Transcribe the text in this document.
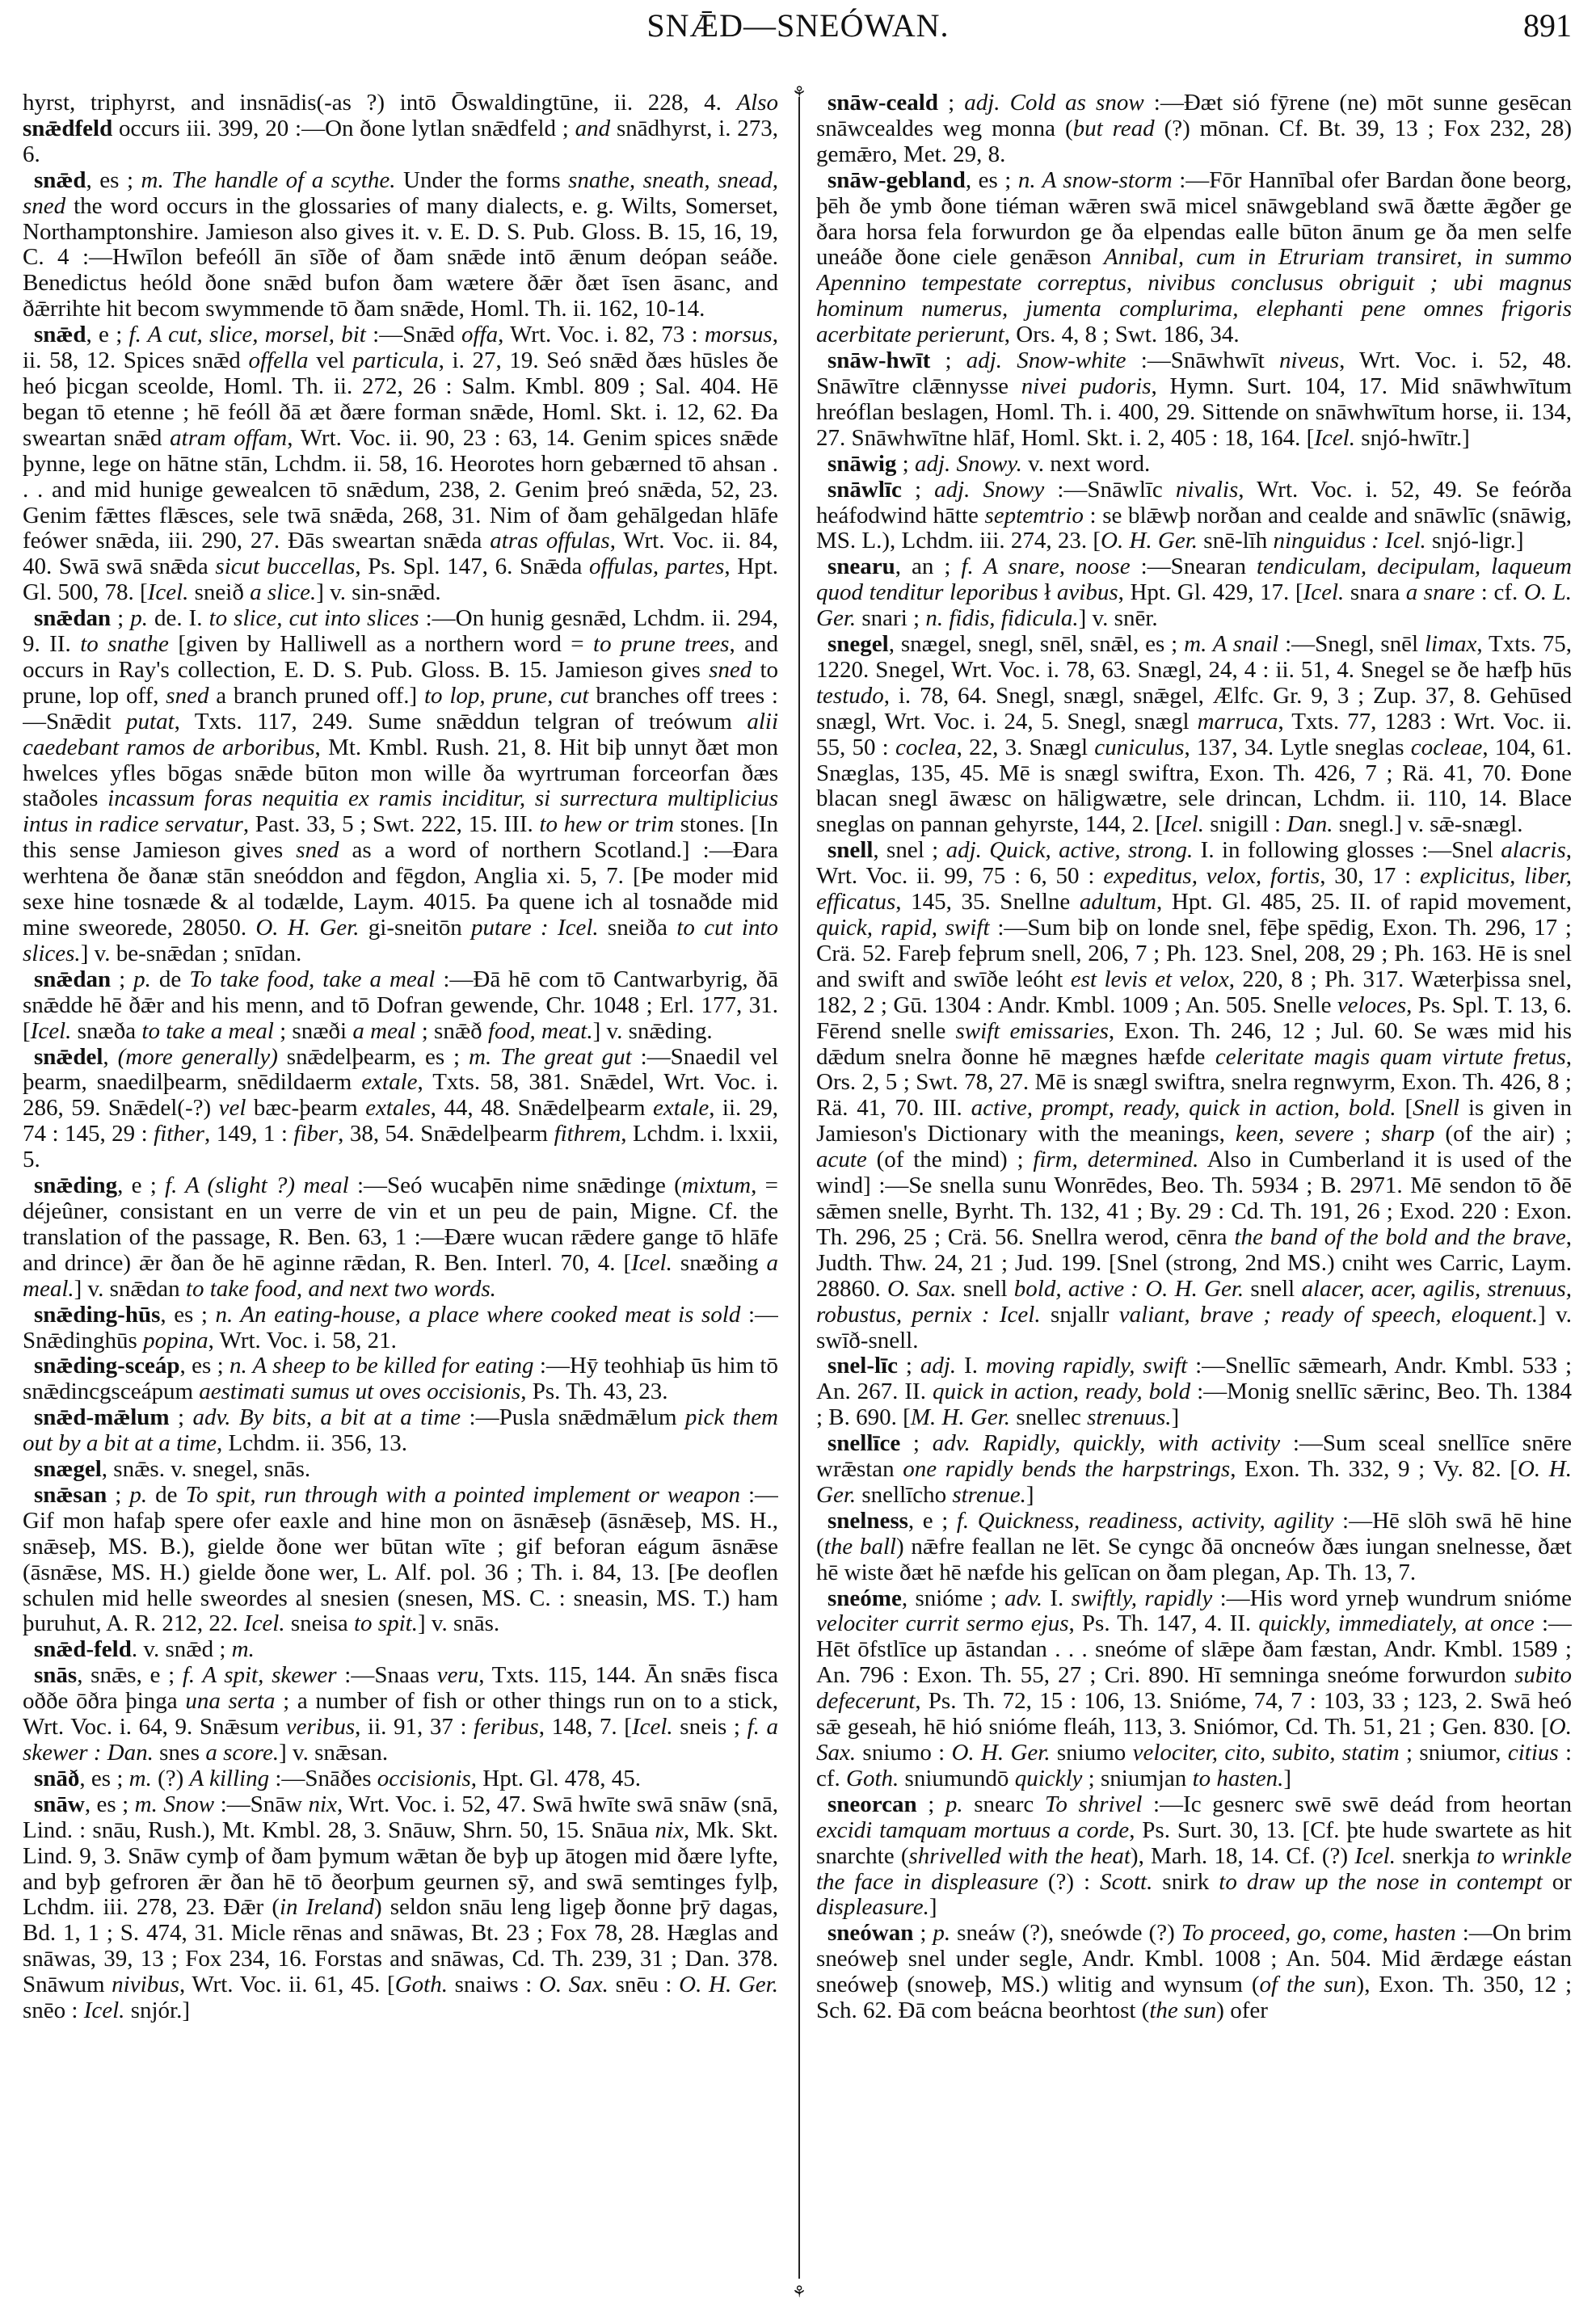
SNǢD—SNEÓWAN.	891

hyrst, triphyrst, and insnādis(-as ?) intō Ōswaldingtūne, ii. 228, 4. Also snǣdfeld occurs iii. 399, 20 :—On ðone lytlan snǣdfeld ; and snādhyrst, i. 273, 6.

snǣd, es ; m. The handle of a scythe. Under the forms snathe, sneath, snead, sned the word occurs in the glossaries of many dialects, e. g. Wilts, Somerset, Northamptonshire. Jamieson also gives it. v. E. D. S. Pub. Gloss. B. 15, 16, 19, C. 4 :—Hwīlon befeóll ān sīðe of ðam snǣde intō ǣnum deópan seáðe. Benedictus heóld ðone snǣd bufon ðam wætere ðǣr ðæt īsen āsanc, and ðǣrrihte hit becom swymmende tō ðam snǣde, Homl. Th. ii. 162, 10-14.

snǣd, e ; f. A cut, slice, morsel, bit :—Snǣd offa, Wrt. Voc. i. 82, 73 : morsus, ii. 58, 12. Spices snǣd offella vel particula, i. 27, 19. Seó snǣd ðæs hūsles ðe heó þicgan sceolde, Homl. Th. ii. 272, 26 : Salm. Kmbl. 809 ; Sal. 404. Hē began tō etenne ; hē feóll ðā æt ðære forman snǣde, Homl. Skt. i. 12, 62. Ða sweartan snǣd atram offam, Wrt. Voc. ii. 90, 23 : 63, 14. Genim spices snǣde þynne, lege on hātne stān, Lchdm. ii. 58, 16. Heorotes horn gebærned tō ahsan . . . and mid hunige gewealcen tō snǣdum, 238, 2. Genim þreó snǣda, 52, 23. Genim fǣttes flǣsces, sele twā snǣda, 268, 31. Nim of ðam gehālgedan hlāfe feówer snǣda, iii. 290, 27. Ðās sweartan snǣda atras offulas, Wrt. Voc. ii. 84, 40. Swā swā snǣda sicut buccellas, Ps. Spl. 147, 6. Snǣda offulas, partes, Hpt. Gl. 500, 78. [Icel. sneið a slice.] v. sin-snǣd.

snǣdan ; p. de. I. to slice, cut into slices :—On hunig gesnǣd, Lchdm. ii. 294, 9. II. to snathe [given by Halliwell as a northern word = to prune trees, and occurs in Ray's collection, E. D. S. Pub. Gloss. B. 15. Jamieson gives sned to prune, lop off, sned a branch pruned off.] to lop, prune, cut branches off trees :—Snǣdit putat, Txts. 117, 249. Sume snǣddun telgran of treówum alii caedebant ramos de arboribus, Mt. Kmbl. Rush. 21, 8. Hit biþ unnyt ðæt mon hwelces yfles bōgas snǣde būton mon wille ða wyrtruman forceorfan ðæs staðoles incassum foras nequitia ex ramis inciditur, si surrectura multiplicius intus in radice servatur, Past. 33, 5 ; Swt. 222, 15. III. to hew or trim stones. [In this sense Jamieson gives sned as a word of northern Scotland.] :—Ðara werhtena ðe ðanæ stān sneóddon and fēgdon, Anglia xi. 5, 7. [Þe moder mid sexe hine tosnæde & al todælde, Laym. 4015. Þa quene ich al tosnaðde mid mine sweorede, 28050. O. H. Ger. gi-sneitōn putare : Icel. sneiða to cut into slices.] v. be-snǣdan ; snīdan.

snǣdan ; p. de To take food, take a meal :—Ðā hē com tō Cantwarbyrig, ðā snǣdde hē ðǣr and his menn, and tō Dofran gewende, Chr. 1048 ; Erl. 177, 31. [Icel. snæða to take a meal ; snæði a meal ; snǣð food, meat.] v. snǣding.

snǣdel, (more generally) snǣdelþearm, es ; m. The great gut :—Snaedil vel þearm, snaedilþearm, snēdildaerm extale, Txts. 58, 381. Snǣdel, Wrt. Voc. i. 286, 59. Snǣdel(-?) vel bæc-þearm extales, 44, 48. Snǣdelþearm extale, ii. 29, 74 : 145, 29 : fither, 149, 1 : fiber, 38, 54. Snǣdelþearm fithrem, Lchdm. i. lxxii, 5.

snǣding, e ; f. A (slight ?) meal :—Seó wucaþēn nime snǣdinge (mixtum, = déjeûner, consistant en un verre de vin et un peu de pain, Migne. Cf. the translation of the passage, R. Ben. 63, 1 :—Ðære wucan rǣdere gange tō hlāfe and drince) ǣr ðan ðe hē aginne rǣdan, R. Ben. Interl. 70, 4. [Icel. snæðing a meal.] v. snǣdan to take food, and next two words.

snǣding-hūs, es ; n. An eating-house, a place where cooked meat is sold :—Snǣdinghūs popina, Wrt. Voc. i. 58, 21.

snǣding-sceáp, es ; n. A sheep to be killed for eating :—Hȳ teohhiaþ ūs him tō snǣdincgsceápum aestimati sumus ut oves occisionis, Ps. Th. 43, 23.

snǣd-mǣlum ; adv. By bits, a bit at a time :—Pusla snǣdmǣlum pick them out by a bit at a time, Lchdm. ii. 356, 13.

snægel, snǣs. v. snegel, snās.

snǣsan ; p. de To spit, run through with a pointed implement or weapon :—Gif mon hafaþ spere ofer eaxle and hine mon on āsnǣseþ (āsnǣseþ, MS. H., snǣseþ, MS. B.), gielde ðone wer būtan wīte ; gif beforan eágum āsnǣse (āsnǣse, MS. H.) gielde ðone wer, L. Alf. pol. 36 ; Th. i. 84, 13. [Þe deoflen schulen mid helle sweordes al snesien (snesen, MS. C. : sneasin, MS. T.) ham þuruhut, A. R. 212, 22. Icel. sneisa to spit.] v. snās.

snǣd-feld. v. snǣd ; m.

snās, snǣs, e ; f. A spit, skewer :—Snaas veru, Txts. 115, 144. Ān snǣs fisca oððe ōðra þinga una serta ; a number of fish or other things run on to a stick, Wrt. Voc. i. 64, 9. Snǣsum veribus, ii. 91, 37 : feribus, 148, 7. [Icel. sneis ; f. a skewer : Dan. snes a score.] v. snǣsan.

snāð, es ; m. (?) A killing :—Snāðes occisionis, Hpt. Gl. 478, 45.

snāw, es ; m. Snow :—Snāw nix, Wrt. Voc. i. 52, 47. Swā hwīte swā snāw (snā, Lind. : snāu, Rush.), Mt. Kmbl. 28, 3. Snāuw, Shrn. 50, 15. Snāua nix, Mk. Skt. Lind. 9, 3. Snāw cymþ of ðam þymum wǣtan ðe byþ up ātogen mid ðære lyfte, and byþ gefroren ǣr ðan hē tō ðeorþum geurnen sȳ, and swā semtinges fylþ, Lchdm. iii. 278, 23. Ðǣr (in Ireland) seldon snāu leng ligeþ ðonne þrȳ dagas, Bd. 1, 1 ; S. 474, 31. Micle rēnas and snāwas, Bt. 23 ; Fox 78, 28. Hæglas and snāwas, 39, 13 ; Fox 234, 16. Forstas and snāwas, Cd. Th. 239, 31 ; Dan. 378. Snāwum nivibus, Wrt. Voc. ii. 61, 45. [Goth. snaiws : O. Sax. snēu : O. H. Ger. snēo : Icel. snjór.]

⚘
⚘

snāw-ceald ; adj. Cold as snow :—Ðæt sió fȳrene (ne) mōt sunne gesēcan snāwcealdes weg monna (but read (?) mōnan. Cf. Bt. 39, 13 ; Fox 232, 28) gemǣro, Met. 29, 8.

snāw-gebland, es ; n. A snow-storm :—Fōr Hannībal ofer Bardan ðone beorg, þēh ðe ymb ðone tiéman wǣren swā micel snāwgebland swā ðætte ǣgðer ge ðara horsa fela forwurdon ge ða elpendas ealle būton ānum ge ða men selfe uneáðe ðone ciele genǣson Annibal, cum in Etruriam transiret, in summo Apennino tempestate correptus, nivibus conclusus obriguit ; ubi magnus hominum numerus, jumenta complurima, elephanti pene omnes frigoris acerbitate perierunt, Ors. 4, 8 ; Swt. 186, 34.

snāw-hwīt ; adj. Snow-white :—Snāwhwīt niveus, Wrt. Voc. i. 52, 48. Snāwītre clǣnnysse nivei pudoris, Hymn. Surt. 104, 17. Mid snāwhwītum hreóflan beslagen, Homl. Th. i. 400, 29. Sittende on snāwhwītum horse, ii. 134, 27. Snāwhwītne hlāf, Homl. Skt. i. 2, 405 : 18, 164. [Icel. snjó-hwītr.]

snāwig ; adj. Snowy. v. next word.

snāwlīc ; adj. Snowy :—Snāwlīc nivalis, Wrt. Voc. i. 52, 49. Se feórða heáfodwind hātte septemtrio : se blǣwþ norðan and cealde and snāwlīc (snāwig, MS. L.), Lchdm. iii. 274, 23. [O. H. Ger. snē-līh ninguidus : Icel. snjó-ligr.]

snearu, an ; f. A snare, noose :—Snearan tendiculam, decipulam, laqueum quod tenditur leporibus ł avibus, Hpt. Gl. 429, 17. [Icel. snara a snare : cf. O. L. Ger. snari ; n. fidis, fidicula.] v. snēr.

snegel, snægel, snegl, snēl, snǣl, es ; m. A snail :—Snegl, snēl limax, Txts. 75, 1220. Snegel, Wrt. Voc. i. 78, 63. Snægl, 24, 4 : ii. 51, 4. Snegel se ðe hæfþ hūs testudo, i. 78, 64. Snegl, snægl, snǣgel, Ælfc. Gr. 9, 3 ; Zup. 37, 8. Gehūsed snægl, Wrt. Voc. i. 24, 5. Snegl, snægl marruca, Txts. 77, 1283 : Wrt. Voc. ii. 55, 50 : coclea, 22, 3. Snægl cuniculus, 137, 34. Lytle sneglas cocleae, 104, 61. Snæglas, 135, 45. Mē is snægl swiftra, Exon. Th. 426, 7 ; Rä. 41, 70. Ðone blacan snegl āwæsc on hāligwætre, sele drincan, Lchdm. ii. 110, 14. Blace sneglas on pannan gehyrste, 144, 2. [Icel. snigill : Dan. snegl.] v. sǣ-snægl.

snell, snel ; adj. Quick, active, strong. I. in following glosses :—Snel alacris, Wrt. Voc. ii. 99, 75 : 6, 50 : expeditus, velox, fortis, 30, 17 : explicitus, liber, efficatus, 145, 35. Snellne adultum, Hpt. Gl. 485, 25. II. of rapid movement, quick, rapid, swift :—Sum biþ on londe snel, fēþe spēdig, Exon. Th. 296, 17 ; Crä. 52. Fareþ feþrum snell, 206, 7 ; Ph. 123. Snel, 208, 29 ; Ph. 163. Hē is snel and swift and swīðe leóht est levis et velox, 220, 8 ; Ph. 317. Wæterþissa snel, 182, 2 ; Gū. 1304 : Andr. Kmbl. 1009 ; An. 505. Snelle veloces, Ps. Spl. T. 13, 6. Fērend snelle swift emissaries, Exon. Th. 246, 12 ; Jul. 60. Se wæs mid his dǣdum snelra ðonne hē mægnes hæfde celeritate magis quam virtute fretus, Ors. 2, 5 ; Swt. 78, 27. Mē is snægl swiftra, snelra regnwyrm, Exon. Th. 426, 8 ; Rä. 41, 70. III. active, prompt, ready, quick in action, bold. [Snell is given in Jamieson's Dictionary with the meanings, keen, severe ; sharp (of the air) ; acute (of the mind) ; firm, determined. Also in Cumberland it is used of the wind] :—Se snella sunu Wonrēdes, Beo. Th. 5934 ; B. 2971. Mē sendon tō ðē sǣmen snelle, Byrht. Th. 132, 41 ; By. 29 : Cd. Th. 191, 26 ; Exod. 220 : Exon. Th. 296, 25 ; Crä. 56. Snellra werod, cēnra the band of the bold and the brave, Judth. Thw. 24, 21 ; Jud. 199. [Snel (strong, 2nd MS.) cniht wes Carric, Laym. 28860. O. Sax. snell bold, active : O. H. Ger. snell alacer, acer, agilis, strenuus, robustus, pernix : Icel. snjallr valiant, brave ; ready of speech, eloquent.] v. swīð-snell.

snel-līc ; adj. I. moving rapidly, swift :—Snellīc sǣmearh, Andr. Kmbl. 533 ; An. 267. II. quick in action, ready, bold :—Monig snellīc sǣrinc, Beo. Th. 1384 ; B. 690. [M. H. Ger. snellec strenuus.]

snellīce ; adv. Rapidly, quickly, with activity :—Sum sceal snellīce snēre wrǣstan one rapidly bends the harpstrings, Exon. Th. 332, 9 ; Vy. 82. [O. H. Ger. snellīcho strenue.]

snelness, e ; f. Quickness, readiness, activity, agility :—Hē slōh swā hē hine (the ball) nǣfre feallan ne lēt. Se cyngc ðā oncneów ðæs iungan snelnesse, ðæt hē wiste ðæt hē næfde his gelīcan on ðam plegan, Ap. Th. 13, 7.

sneóme, snióme ; adv. I. swiftly, rapidly :—His word yrneþ wundrum snióme velociter currit sermo ejus, Ps. Th. 147, 4. II. quickly, immediately, at once :—Hēt ōfstlīce up āstandan . . . sneóme of slǣpe ðam fæstan, Andr. Kmbl. 1589 ; An. 796 : Exon. Th. 55, 27 ; Cri. 890. Hī semninga sneóme forwurdon subito defecerunt, Ps. Th. 72, 15 : 106, 13. Snióme, 74, 7 : 103, 33 ; 123, 2. Swā heó sǣ geseah, hē hió snióme fleáh, 113, 3. Sniómor, Cd. Th. 51, 21 ; Gen. 830. [O. Sax. sniumo : O. H. Ger. sniumo velociter, cito, subito, statim ; sniumor, citius : cf. Goth. sniumundō quickly ; sniumjan to hasten.]

sneorcan ; p. snearc To shrivel :—Ic gesnerc swē swē deád from heortan excidi tamquam mortuus a corde, Ps. Surt. 30, 13. [Cf. þte hude swartete as hit snarchte (shrivelled with the heat), Marh. 18, 14. Cf. (?) Icel. snerkja to wrinkle the face in displeasure (?) : Scott. snirk to draw up the nose in contempt or displeasure.]

sneówan ; p. sneáw (?), sneówde (?) To proceed, go, come, hasten :—On brim sneóweþ snel under segle, Andr. Kmbl. 1008 ; An. 504. Mid ǣrdæge eástan sneóweþ (snoweþ, MS.) wlitig and wynsum (of the sun), Exon. Th. 350, 12 ; Sch. 62. Ðā com beácna beorhtost (the sun) ofer
